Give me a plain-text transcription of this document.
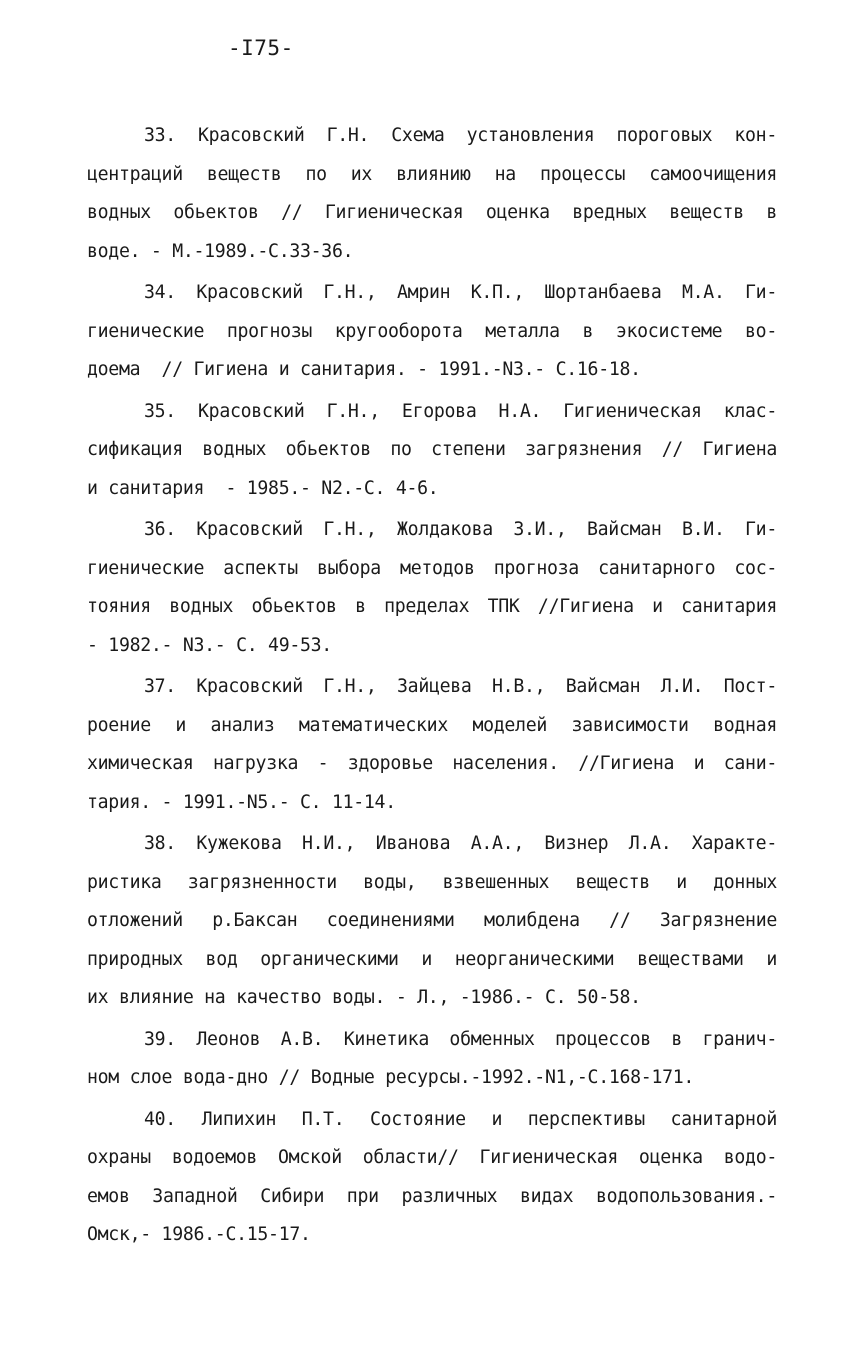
-I75-
33. Красовский Г.Н. Схема установления пороговых кон-
центраций веществ по их влиянию на процессы самоочищения
водных обьектов // Гигиеническая оценка вредных веществ в
воде. - М.-1989.-С.33-36.
34. Красовский Г.Н., Амрин К.П., Шортанбаева М.А. Ги-
гиенические прогнозы кругооборота металла в экосистеме во-
доема  // Гигиена и санитария. - 1991.-N3.- С.16-18.
35. Красовский Г.Н., Егорова Н.А. Гигиеническая клас-
сификация водных обьектов по степени загрязнения // Гигиена
и санитария  - 1985.- N2.-С. 4-6.
36. Красовский Г.Н., Жолдакова З.И., Вайсман В.И. Ги-
гиенические аспекты выбора методов прогноза санитарного сос-
тояния водных обьектов в пределах ТПК //Гигиена и санитария
- 1982.- N3.- С. 49-53.
37. Красовский Г.Н., Зайцева Н.В., Вайсман Л.И. Пост-
роение и анализ математических моделей зависимости водная
химическая нагрузка - здоровье населения. //Гигиена и сани-
тария. - 1991.-N5.- С. 11-14.
38. Кужекова Н.И., Иванова А.А., Визнер Л.А. Характе-
ристика загрязненности воды, взвешенных веществ и донных
отложений р.Баксан соединениями молибдена // Загрязнение
природных вод органическими и неорганическими веществами и
их влияние на качество воды. - Л., -1986.- С. 50-58.
39. Леонов А.В. Кинетика обменных процессов в гранич-
ном слое вода-дно // Водные ресурсы.-1992.-N1,-С.168-171.
40. Липихин П.Т. Состояние и перспективы санитарной
охраны водоемов Омской области// Гигиеническая оценка водо-
емов Западной Сибири при различных видах водопользования.-
Омск,- 1986.-С.15-17.
